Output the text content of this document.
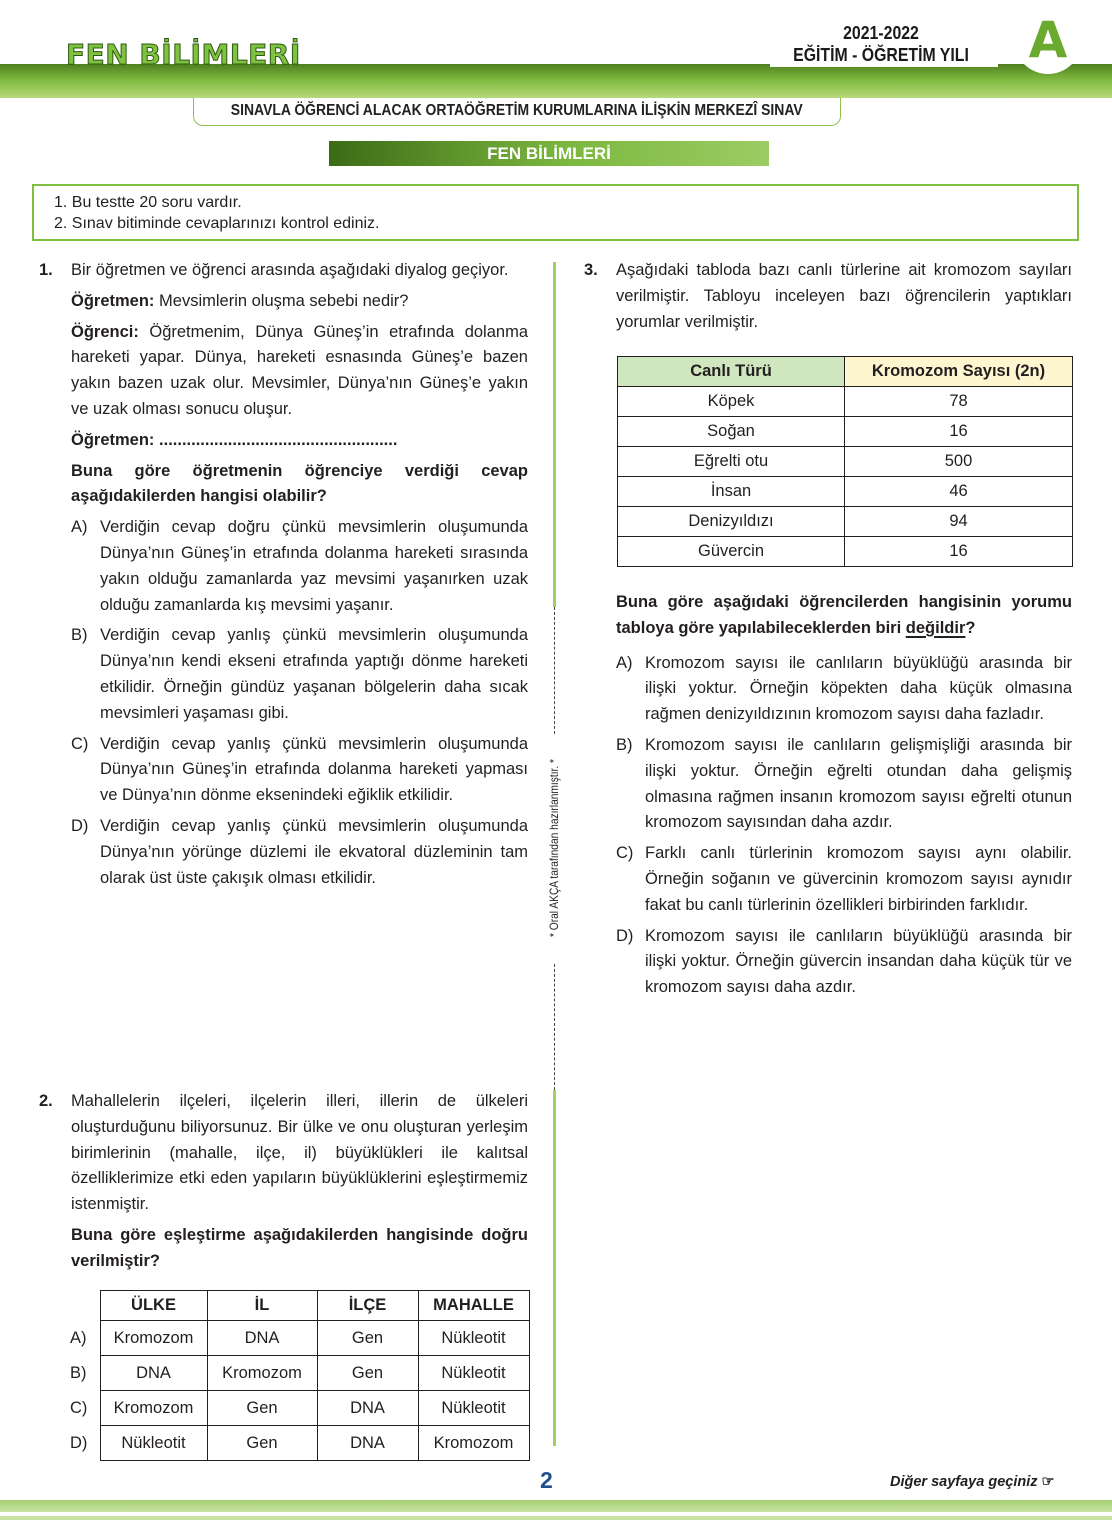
FEN BİLİMLERİ
2021-2022
EĞİTİM - ÖĞRETİM YILI A
SINAVLA ÖĞRENCİ ALACAK ORTAÖĞRETİM KURUMLARINA İLİŞKİN MERKEZÎ SINAV
FEN BİLİMLERİ
1. Bu testte 20 soru vardır.
2. Sınav bitiminde cevaplarınızı kontrol ediniz.
* Oral AKÇA tarafından hazırlanmıştır. *
1. Bir öğretmen ve öğrenci arasında aşağıdaki diyalog geçiyor.

Öğretmen: Mevsimlerin oluşma sebebi nedir?

Öğrenci: Öğretmenim, Dünya Güneş’in etrafında dolanma hareketi yapar. Dünya, hareketi esnasında Güneş’e bazen yakın bazen uzak olur. Mevsimler, Dünya’nın Güneş’e yakın ve uzak olması sonucu oluşur.

Öğretmen: ....................................................

Buna göre öğretmenin öğrenciye verdiği cevap aşağıdakilerden hangisi olabilir?

A) Verdiğin cevap doğru çünkü mevsimlerin oluşumunda Dünya’nın Güneş’in etrafında dolanma hareketi sırasında yakın olduğu zamanlarda yaz mevsimi yaşanırken uzak olduğu zamanlarda kış mevsimi yaşanır.
B) Verdiğin cevap yanlış çünkü mevsimlerin oluşumunda Dünya’nın kendi ekseni etrafında yaptığı dönme hareketi etkilidir. Örneğin gündüz yaşanan bölgelerin daha sıcak mevsimleri yaşaması gibi.
C) Verdiğin cevap yanlış çünkü mevsimlerin oluşumunda Dünya’nın Güneş’in etrafında dolanma hareketi yapması ve Dünya’nın dönme eksenindeki eğiklik etkilidir.
D) Verdiğin cevap yanlış çünkü mevsimlerin oluşumunda Dünya’nın yörünge düzlemi ile ekvatoral düzleminin tam olarak üst üste çakışık olması etkilidir.
2. Mahallelerin ilçeleri, ilçelerin illeri, illerin de ülkeleri oluşturduğunu biliyorsunuz. Bir ülke ve onu oluşturan yerleşim birimlerinin (mahalle, ilçe, il) büyüklükleri ile kalıtsal özelliklerimize etki eden yapıların büyüklüklerini eşleştirmemiz istenmiştir.

Buna göre eşleştirme aşağıdakilerden hangisinde doğru verilmiştir?

	ÜLKE	İL	İLÇE	MAHALLE
A)	Kromozom	DNA	Gen	Nükleotit
B)	DNA	Kromozom	Gen	Nükleotit
C)	Kromozom	Gen	DNA	Nükleotit
D)	Nükleotit	Gen	DNA	Kromozom
3. Aşağıdaki tabloda bazı canlı türlerine ait kromozom sayıları verilmiştir. Tabloyu inceleyen bazı öğrencilerin yaptıkları yorumlar verilmiştir.

Canlı Türü	Kromozom Sayısı (2n)
Köpek	78
Soğan	16
Eğrelti otu	500
İnsan	46
Denizyıldızı	94
Güvercin	16

Buna göre aşağıdaki öğrencilerden hangisinin yorumu tabloya göre yapılabileceklerden biri değildir?

A) Kromozom sayısı ile canlıların büyüklüğü arasında bir ilişki yoktur. Örneğin köpekten daha küçük olmasına rağmen denizyıldızının kromozom sayısı daha fazladır.
B) Kromozom sayısı ile canlıların gelişmişliği arasında bir ilişki yoktur. Örneğin eğrelti otundan daha gelişmiş olmasına rağmen insanın kromozom sayısı eğrelti otunun kromozom sayısından daha azdır.
C) Farklı canlı türlerinin kromozom sayısı aynı olabilir. Örneğin soğanın ve güvercinin kromozom sayısı aynıdır fakat bu canlı türlerinin özellikleri birbirinden farklıdır.
D) Kromozom sayısı ile canlıların büyüklüğü arasında bir ilişki yoktur. Örneğin güvercin insandan daha küçük tür ve kromozom sayısı daha azdır.
2	Diğer sayfaya geçiniz ☞
